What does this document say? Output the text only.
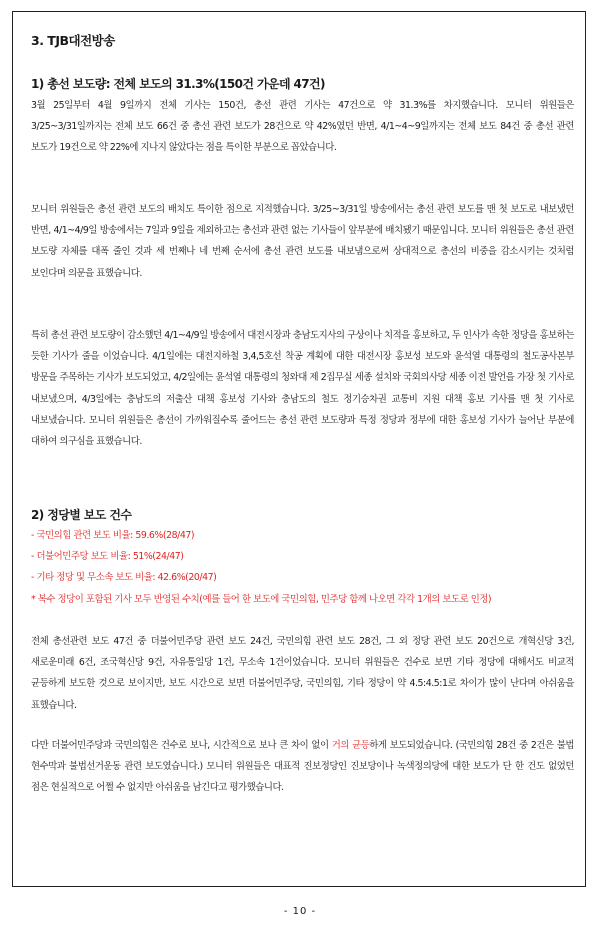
3. TJB대전방송
1) 총선 보도량: 전체 보도의 31.3%(150건 가운데 47건)
3월 25일부터 4월 9일까지 전체 기사는 150건, 총선 관련 기사는 47건으로 약 31.3%를 차지했습니다. 모니터 위원들은 3/25~3/31일까지는 전체 보도 66건 중 총선 관련 보도가 28건으로 약 42%였던 반면, 4/1~4~9일까지는 전체 보도 84건 중 총선 관련 보도가 19건으로 약 22%에 지나지 않았다는 점을 특이한 부분으로 꼽았습니다.
모니터 위원들은 총선 관련 보도의 배치도 특이한 점으로 지적했습니다. 3/25~3/31일 방송에서는 총선 관련 보도를 맨 첫 보도로 내보냈던 반면, 4/1~4/9일 방송에서는 7일과 9일을 제외하고는 총선과 관련 없는 기사들이 앞부분에 배치됐기 때문입니다. 모니터 위원들은 총선 관련 보도량 자체를 대폭 줄인 것과 세 번째나 네 번째 순서에 총선 관련 보도를 내보냄으로써 상대적으로 총선의 비중을 감소시키는 것처럼 보인다며 의문을 표했습니다.
특히 총선 관련 보도량이 감소했던 4/1~4/9일 방송에서 대전시장과 충남도지사의 구상이나 치적을 홍보하고, 두 인사가 속한 정당을 홍보하는 듯한 기사가 줄을 이었습니다. 4/1일에는 대전지하철 3,4,5호선 착공 계획에 대한 대전시장 홍보성 보도와 윤석열 대통령의 철도공사본부 방문을 주목하는 기사가 보도되었고, 4/2일에는 윤석열 대통령의 청와대 제 2집무실 세종 설치와 국회의사당 세종 이전 발언을 가장 첫 기사로 내보냈으며, 4/3일에는 충남도의 저출산 대책 홍보성 기사와 충남도의 철도 정기승차권 교통비 지원 대책 홍보 기사를 맨 첫 기사로 내보냈습니다. 모니터 위원들은 총선이 가까워질수록 줄어드는 총선 관련 보도량과 특정 정당과 정부에 대한 홍보성 기사가 늘어난 부분에 대하여 의구심을 표했습니다.
2) 정당별 보도 건수

- 국민의힘 관련 보도 비율: 59.6%(28/47)

- 더불어민주당 보도 비율: 51%(24/47)

- 기타 정당 및 무소속 보도 비율: 42.6%(20/47)

* 복수 정당이 포함된 기사 모두 반영된 수치(예를 들어 한 보도에 국민의힘, 민주당 함께 나오면 각각 1개의 보도로 인정)

전체 총선관련 보도 47건 중 더불어민주당 관련 보도 24건, 국민의힘 관련 보도 28건, 그 외 정당 관련 보도 20건으로 개혁신당 3건, 새로운미래 6건, 조국혁신당 9건, 자유통일당 1건, 무소속 1건이었습니다. 모니터 위원들은 건수로 보면 기타 정당에 대해서도 비교적 균등하게 보도한 것으로 보이지만, 보도 시간으로 보면 더불어민주당, 국민의힘, 기타 정당이 약 4.5:4.5:1로 차이가 많이 난다며 아쉬움을 표했습니다.
다만 더불어민주당과 국민의힘은 건수로 보나, 시간적으로 보나 큰 차이 없이 거의 균등하게 보도되었습니다. (국민의힘 28건 중 2건은 불법 현수막과 불법선거운동 관련 보도였습니다.) 모니터 위원들은 대표적 진보정당인 진보당이나 녹색정의당에 대한 보도가 단 한 건도 없었던 점은 현실적으로 어쩔 수 없지만 아쉬움을 남긴다고 평가했습니다.
- 10 -
